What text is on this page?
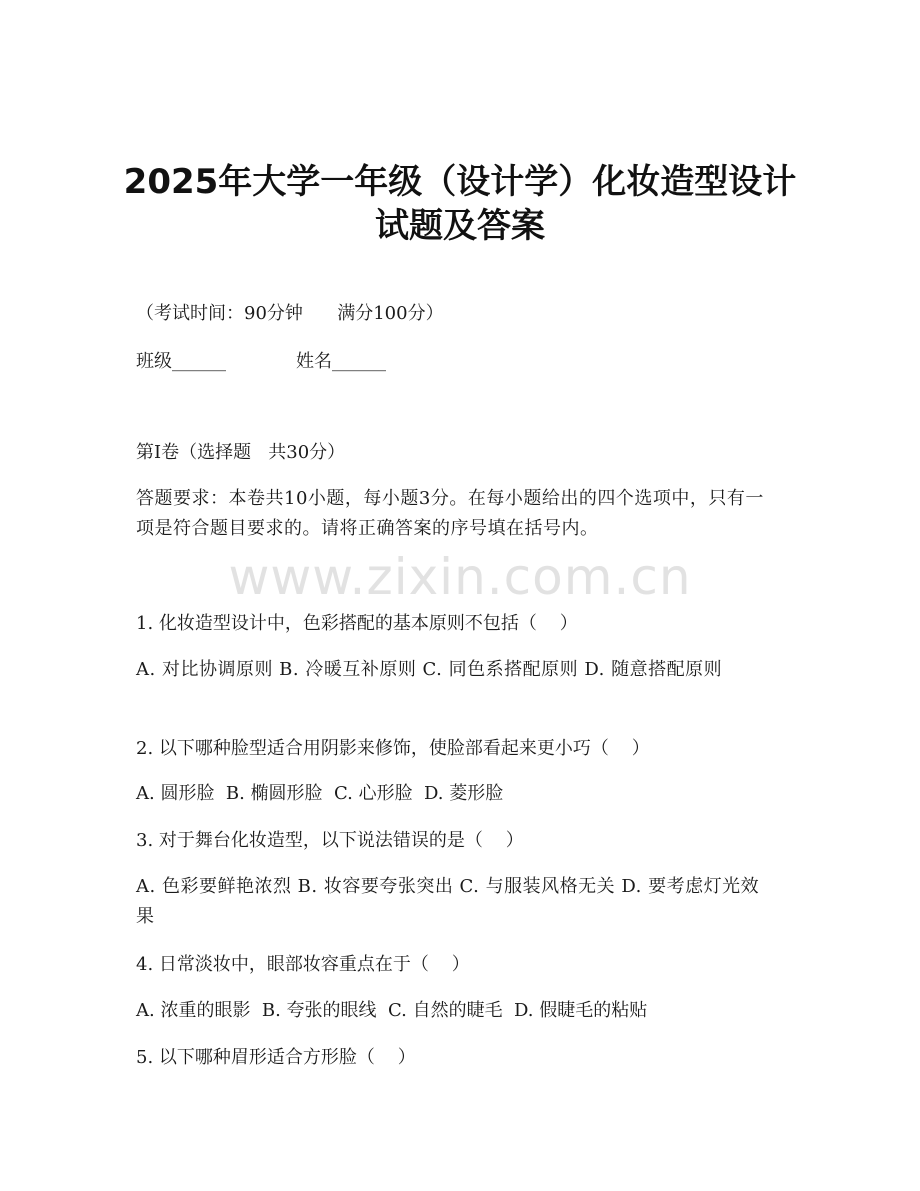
2025年大学一年级（设计学）化妆造型设计
试题及答案
（考试时间：90分钟      满分100分）
班级______	姓名______
第I卷（选择题   共30分）
答题要求：本卷共10小题，每小题3分。在每小题给出的四个选项中，只有一项是符合题目要求的。请将正确答案的序号填在括号内。
www.zixin.com.cn
1. 化妆造型设计中，色彩搭配的基本原则不包括（    ）
A. 对比协调原则 B. 冷暖互补原则 C. 同色系搭配原则 D. 随意搭配原则
2. 以下哪种脸型适合用阴影来修饰，使脸部看起来更小巧（    ）
A. 圆形脸  B. 椭圆形脸  C. 心形脸  D. 菱形脸
3. 对于舞台化妆造型，以下说法错误的是（    ）
A. 色彩要鲜艳浓烈 B. 妆容要夸张突出 C. 与服装风格无关 D. 要考虑灯光效果
4. 日常淡妆中，眼部妆容重点在于（    ）
A. 浓重的眼影  B. 夸张的眼线  C. 自然的睫毛  D. 假睫毛的粘贴
5. 以下哪种眉形适合方形脸（    ）
